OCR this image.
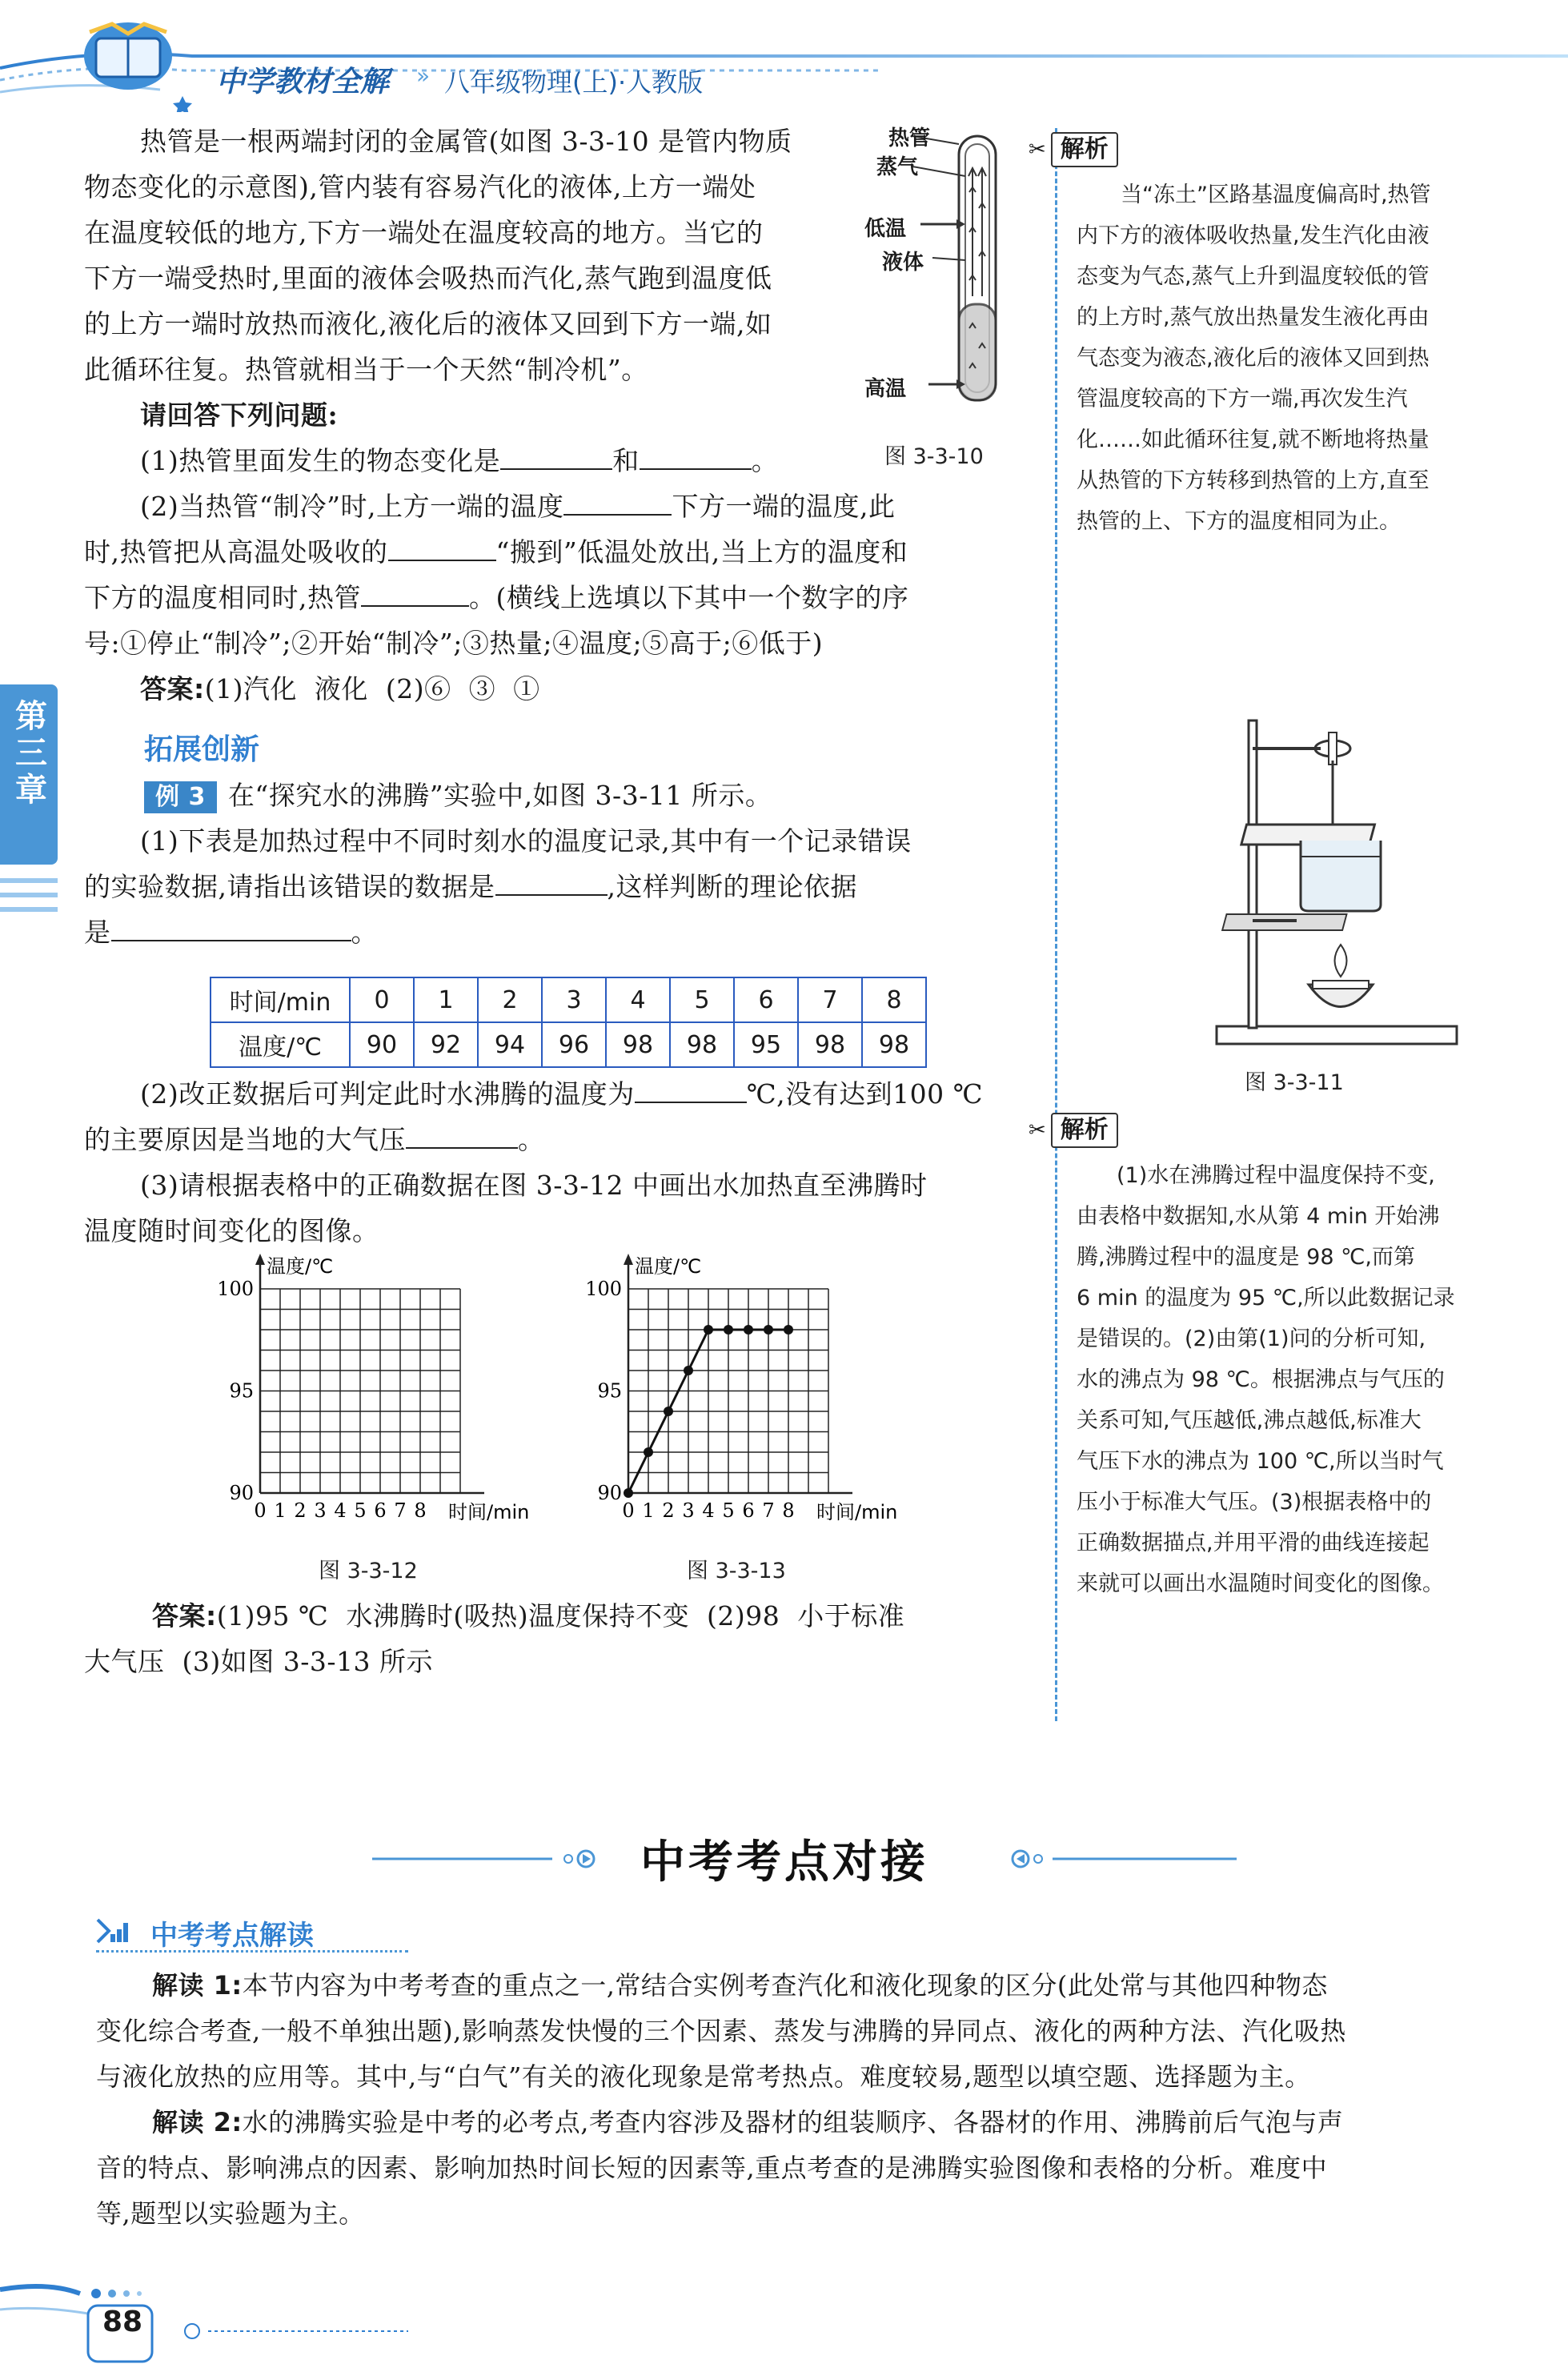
中学教材全解 » 八年级物理(上)·人教版
第三章

热管是一根两端封闭的金属管(如图 3-3-10 是管内物质

物态变化的示意图),管内装有容易汽化的液体,上方一端处

在温度较低的地方,下方一端处在温度较高的地方。当它的

下方一端受热时,里面的液体会吸热而汽化,蒸气跑到温度低

的上方一端时放热而液化,液化后的液体又回到下方一端,如

此循环往复。热管就相当于一个天然“制冷机”。

请回答下列问题:

(1)热管里面发生的物态变化是	和	。

(2)当热管“制冷”时,上方一端的温度	下方一端的温度,此

时,热管把从高温处吸收的	“搬到”低温处放出,当上方的温度和

下方的温度相同时,热管	。(横线上选填以下其中一个数字的序

号:①停止“制冷”;②开始“制冷”;③热量;④温度;⑤高于;⑥低于)

答案:(1)汽化  液化  (2)⑥  ③  ①

热管
蒸气
低温
液体
高温
图 3-3-10
✂ 解析

当“冻土”区路基温度偏高时,热管

内下方的液体吸收热量,发生汽化由液

态变为气态,蒸气上升到温度较低的管

的上方时,蒸气放出热量发生液化再由

气态变为液态,液化后的液体又回到热

管温度较高的下方一端,再次发生汽

化……如此循环往复,就不断地将热量

从热管的下方转移到热管的上方,直至

热管的上、下方的温度相同为止。

拓展创新

例 3 在“探究水的沸腾”实验中,如图 3-3-11 所示。

(1)下表是加热过程中不同时刻水的温度记录,其中有一个记录错误

的实验数据,请指出该错误的数据是	,这样判断的理论依据

是	。

时间/min	0	1	2	3	4	5	6	7	8
温度/℃	90	92	94	96	98	98	95	98	98

(2)改正数据后可判定此时水沸腾的温度为	℃,没有达到100 ℃

的主要原因是当地的大气压	。

(3)请根据表格中的正确数据在图 3-3-12 中画出水加热直至沸腾时

温度随时间变化的图像。

90
95
100
0 1 2 3 4 5 6 7 8
温度/℃
时间/min
90
95
100
0 1 2 3 4 5 6 7 8
温度/℃
时间/min
图 3-3-12	图 3-3-13

答案:(1)95 ℃  水沸腾时(吸热)温度保持不变  (2)98  小于标准

大气压  (3)如图 3-3-13 所示

图 3-3-11
✂ 解析

(1)水在沸腾过程中温度保持不变,

由表格中数据知,水从第 4 min 开始沸

腾,沸腾过程中的温度是 98 ℃,而第

6 min 的温度为 95 ℃,所以此数据记录

是错误的。(2)由第(1)问的分析可知,

水的沸点为 98 ℃。根据沸点与气压的

关系可知,气压越低,沸点越低,标准大

气压下水的沸点为 100 ℃,所以当时气

压小于标准大气压。(3)根据表格中的

正确数据描点,并用平滑的曲线连接起

来就可以画出水温随时间变化的图像。

中考考点对接
中考考点解读

解读 1:本节内容为中考考查的重点之一,常结合实例考查汽化和液化现象的区分(此处常与其他四种物态

变化综合考查,一般不单独出题),影响蒸发快慢的三个因素、蒸发与沸腾的异同点、液化的两种方法、汽化吸热

与液化放热的应用等。其中,与“白气”有关的液化现象是常考热点。难度较易,题型以填空题、选择题为主。

解读 2:水的沸腾实验是中考的必考点,考查内容涉及器材的组装顺序、各器材的作用、沸腾前后气泡与声

音的特点、影响沸点的因素、影响加热时间长短的因素等,重点考查的是沸腾实验图像和表格的分析。难度中

等,题型以实验题为主。

88
